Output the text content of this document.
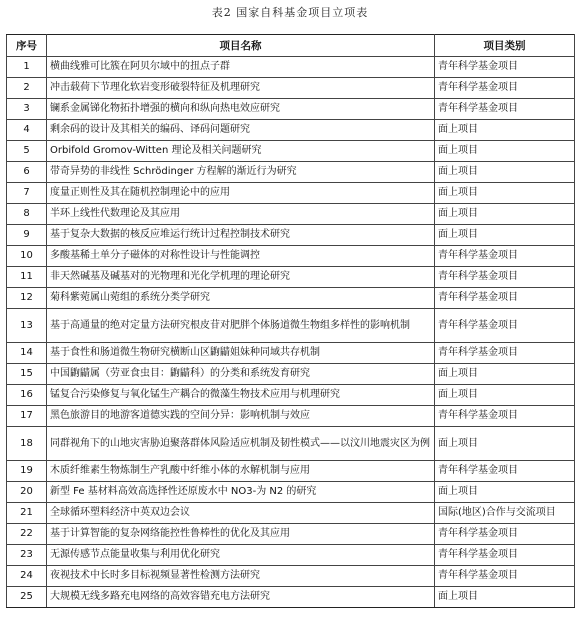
表2 国家自科基金项目立项表
序号	项目名称	项目类别
1	横曲线雅可比簇在阿贝尔域中的扭点子群	青年科学基金项目
2	冲击载荷下节理化软岩变形破裂特征及机理研究	青年科学基金项目
3	镧系金属锑化物拓扑增强的横向和纵向热电效应研究	青年科学基金项目
4	剩余码的设计及其相关的编码、译码问题研究	面上项目
5	Orbifold Gromov-Witten 理论及相关问题研究	面上项目
6	带奇异势的非线性 Schrödinger 方程解的渐近行为研究	面上项目
7	度量正则性及其在随机控制理论中的应用	面上项目
8	半环上线性代数理论及其应用	面上项目
9	基于复杂大数据的核反应堆运行统计过程控制技术研究	面上项目
10	多酸基稀土单分子磁体的对称性设计与性能调控	青年科学基金项目
11	非天然碱基及碱基对的光物理和光化学机理的理论研究	青年科学基金项目
12	菊科紫菀属山菀组的系统分类学研究	青年科学基金项目
13	基于高通量的绝对定量方法研究根皮苷对肥胖个体肠道微生物组多样性的影响机制	青年科学基金项目
14	基于食性和肠道微生物研究横断山区鼩鼱姐妹种同域共存机制	青年科学基金项目
15	中国鼩鼱属（劳亚食虫目：鼩鼱科）的分类和系统发育研究	面上项目
16	锰复合污染修复与氧化锰生产耦合的微藻生物技术应用与机理研究	面上项目
17	黑色旅游目的地游客道德实践的空间分异：影响机制与效应	青年科学基金项目
18	同群视角下的山地灾害胁迫聚落群体风险适应机制及韧性模式——以汶川地震灾区为例	面上项目
19	木质纤维素生物炼制生产乳酸中纤维小体的水解机制与应用	青年科学基金项目
20	新型 Fe 基材料高效高选择性还原废水中 NO3-为 N2 的研究	面上项目
21	全球循环塑料经济中英双边会议	国际(地区)合作与交流项目
22	基于计算智能的复杂网络能控性鲁棒性的优化及其应用	青年科学基金项目
23	无源传感节点能量收集与利用优化研究	青年科学基金项目
24	夜视技术中长时多目标视频显著性检测方法研究	青年科学基金项目
25	大规模无线多路充电网络的高效容错充电方法研究	面上项目
